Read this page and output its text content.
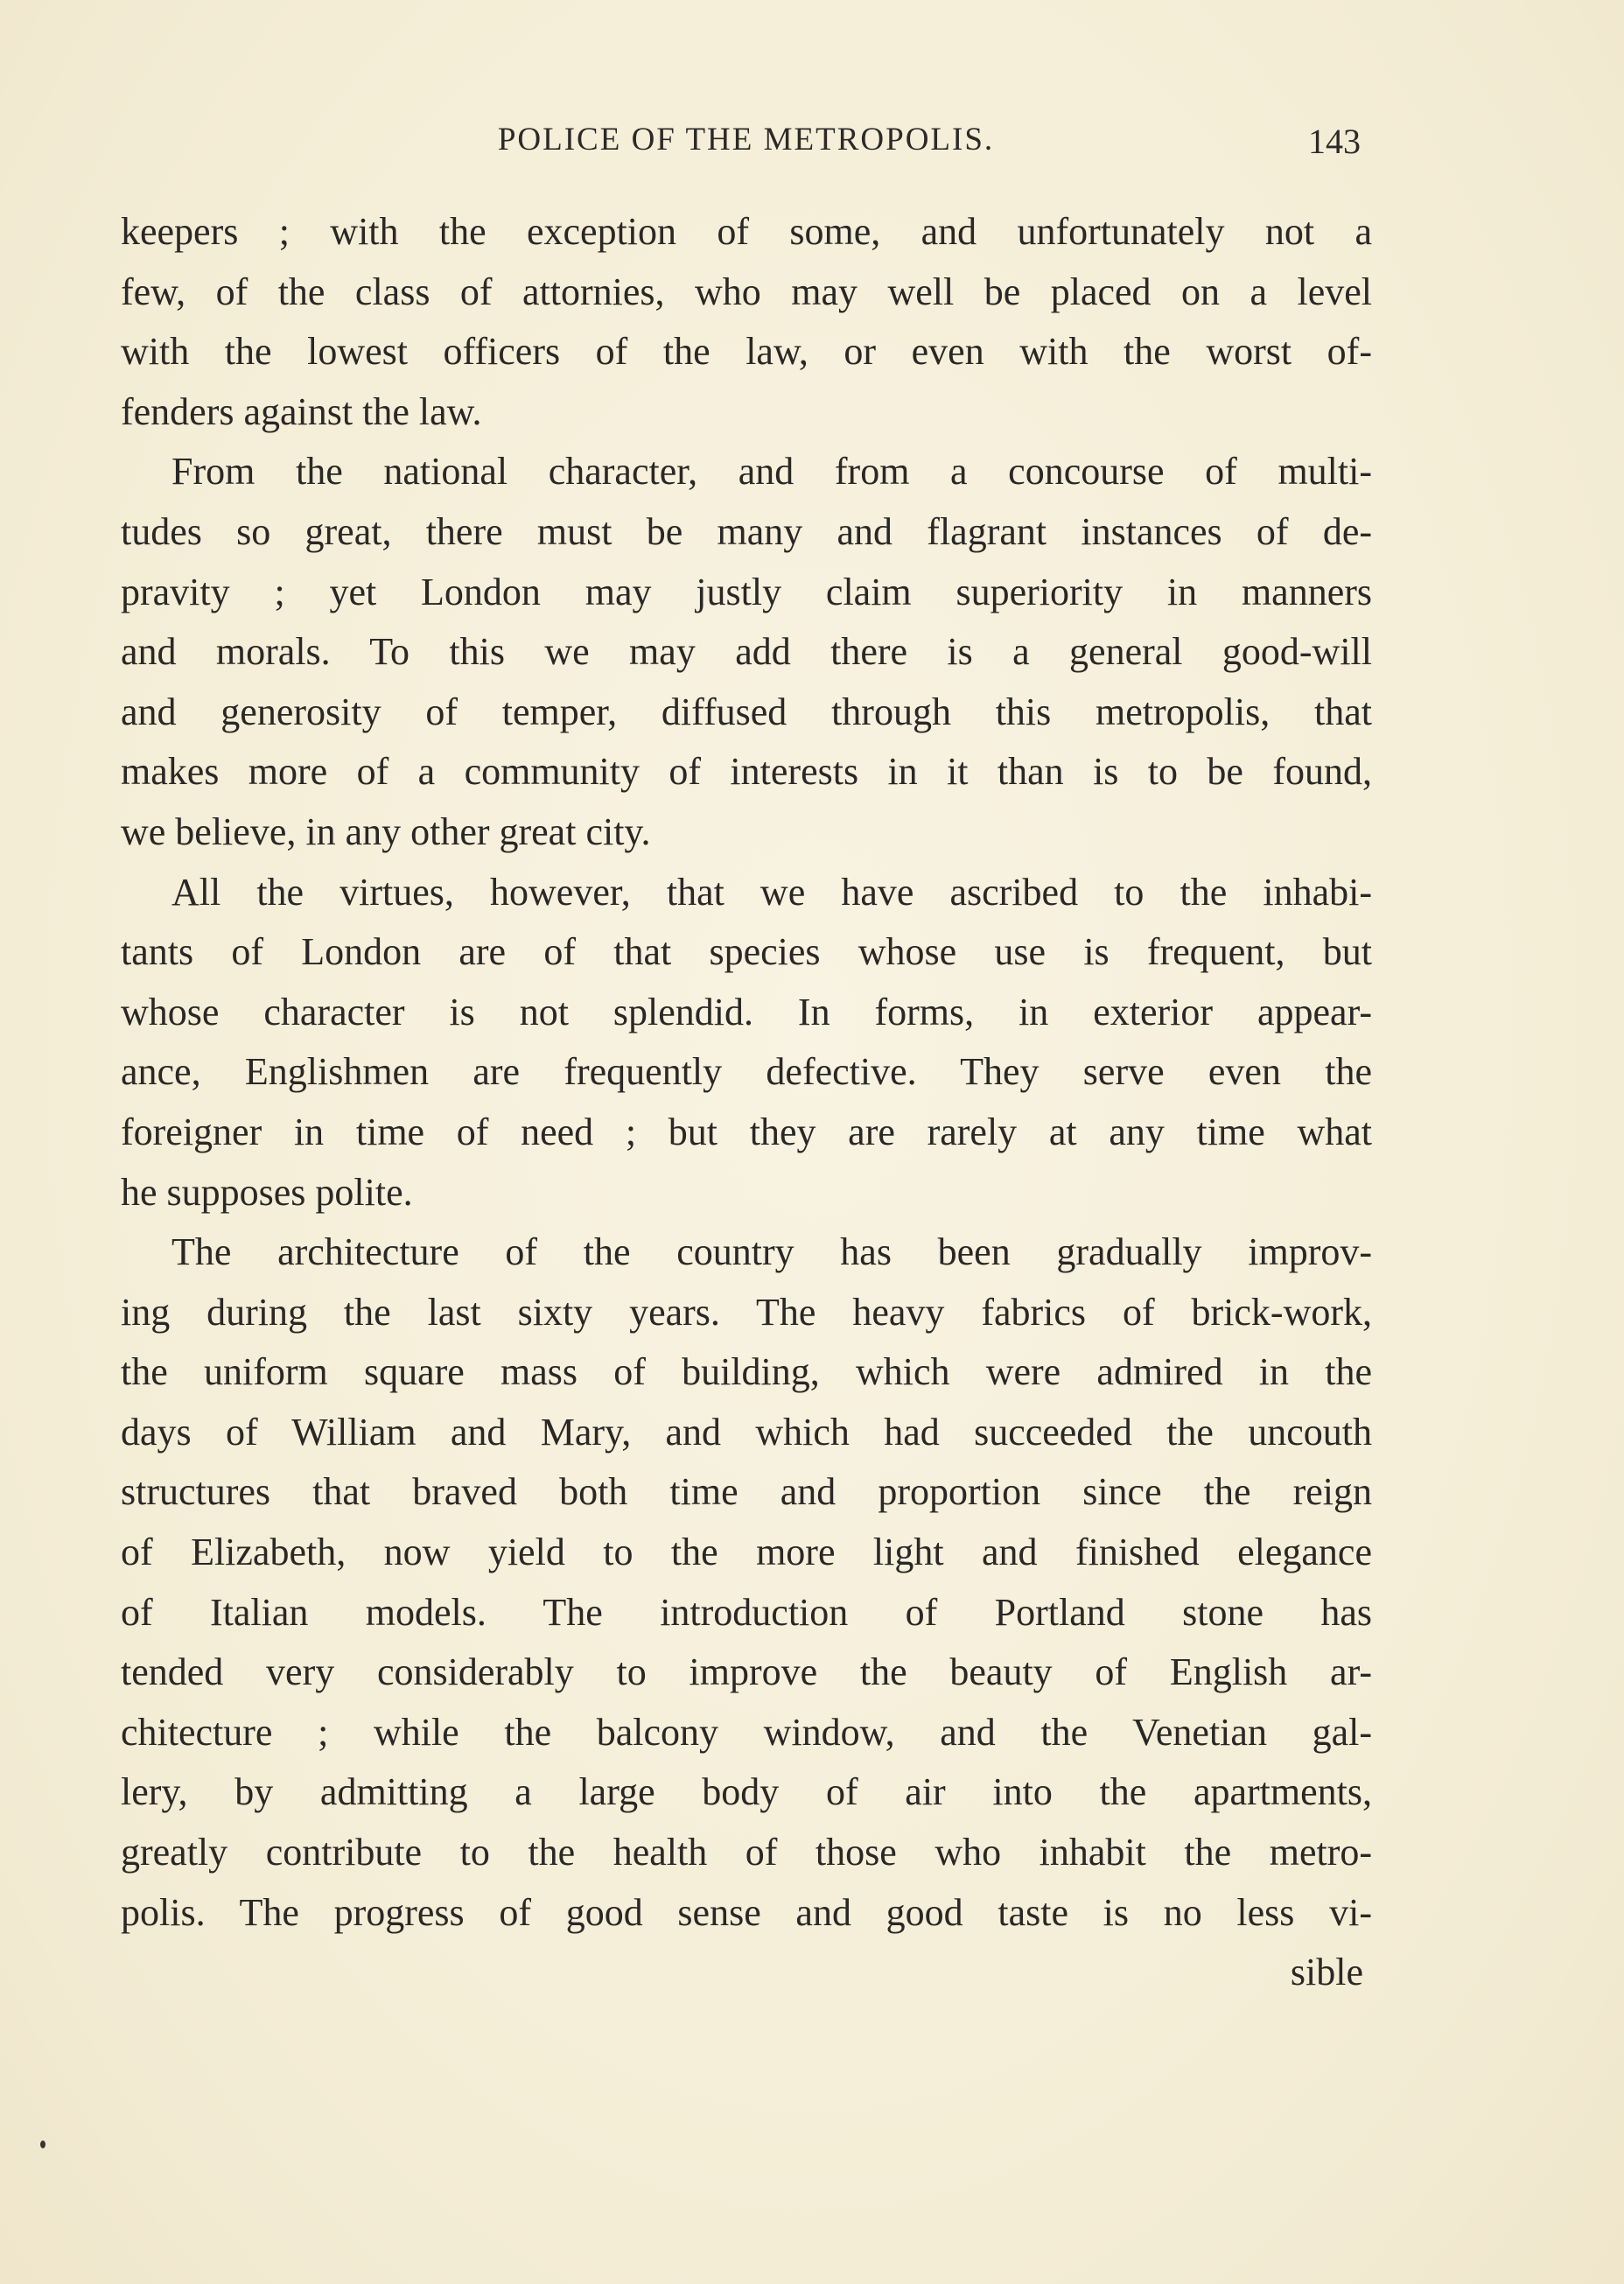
POLICE OF THE METROPOLIS.	143
keepers ; with the exception of some, and unfortunately not a
few, of the class of attornies, who may well be placed on a level
with the lowest officers of the law, or even with the worst of-
fenders against the law.
From the national character, and from a concourse of multi-
tudes so great, there must be many and flagrant instances of de-
pravity ; yet London may justly claim superiority in manners
and morals. To this we may add there is a general good-will
and generosity of temper, diffused through this metropolis, that
makes more of a community of interests in it than is to be found,
we believe, in any other great city.
All the virtues, however, that we have ascribed to the inhabi-
tants of London are of that species whose use is frequent, but
whose character is not splendid. In forms, in exterior appear-
ance, Englishmen are frequently defective. They serve even the
foreigner in time of need ; but they are rarely at any time what
he supposes polite.
The architecture of the country has been gradually improv-
ing during the last sixty years. The heavy fabrics of brick-work,
the uniform square mass of building, which were admired in the
days of William and Mary, and which had succeeded the uncouth
structures that braved both time and proportion since the reign
of Elizabeth, now yield to the more light and finished elegance
of Italian models. The introduction of Portland stone has
tended very considerably to improve the beauty of English ar-
chitecture ; while the balcony window, and the Venetian gal-
lery, by admitting a large body of air into the apartments,
greatly contribute to the health of those who inhabit the metro-
polis. The progress of good sense and good taste is no less vi-
sible
